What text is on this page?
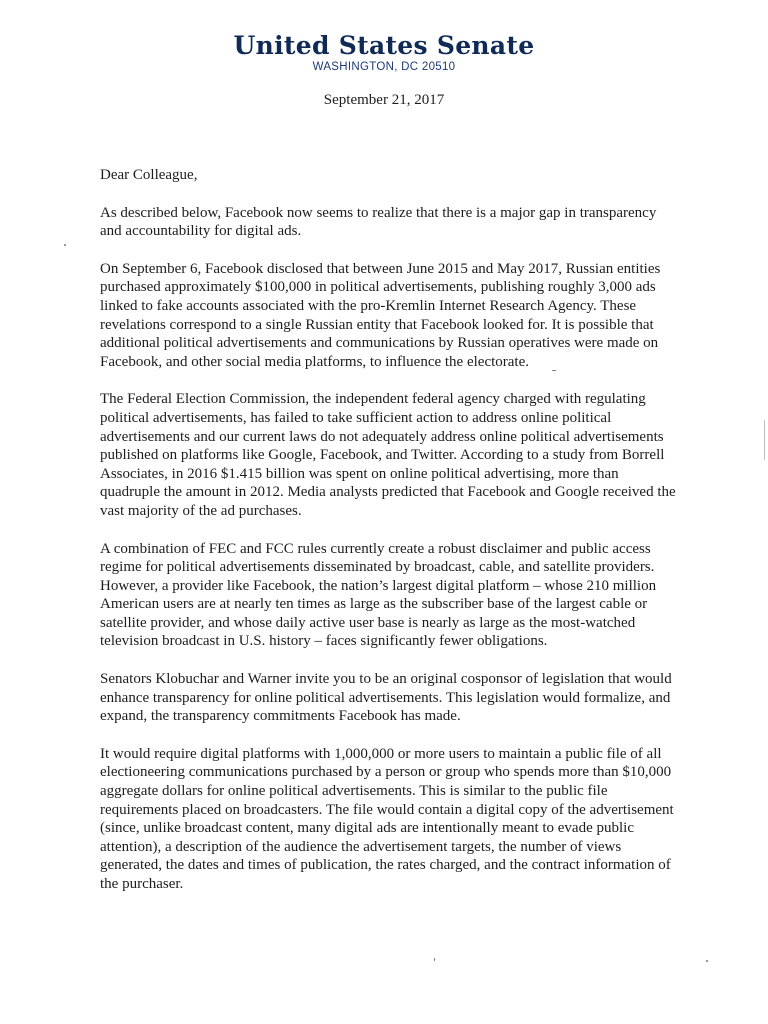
United States Senate
WASHINGTON, DC 20510
September 21, 2017

Dear Colleague,

As described below, Facebook now seems to realize that there is a major gap in transparency and accountability for digital ads.

On September 6, Facebook disclosed that between June 2015 and May 2017, Russian entities purchased approximately $100,000 in political advertisements, publishing roughly 3,000 ads linked to fake accounts associated with the pro-Kremlin Internet Research Agency. These revelations correspond to a single Russian entity that Facebook looked for. It is possible that additional political advertisements and communications by Russian operatives were made on Facebook, and other social media platforms, to influence the electorate.

The Federal Election Commission, the independent federal agency charged with regulating political advertisements, has failed to take sufficient action to address online political advertisements and our current laws do not adequately address online political advertisements published on platforms like Google, Facebook, and Twitter. According to a study from Borrell Associates, in 2016 $1.415 billion was spent on online political advertising, more than quadruple the amount in 2012. Media analysts predicted that Facebook and Google received the vast majority of the ad purchases.

A combination of FEC and FCC rules currently create a robust disclaimer and public access regime for political advertisements disseminated by broadcast, cable, and satellite providers. However, a provider like Facebook, the nation’s largest digital platform – whose 210 million American users are at nearly ten times as large as the subscriber base of the largest cable or satellite provider, and whose daily active user base is nearly as large as the most-watched television broadcast in U.S. history – faces significantly fewer obligations.

Senators Klobuchar and Warner invite you to be an original cosponsor of legislation that would enhance transparency for online political advertisements. This legislation would formalize, and expand, the transparency commitments Facebook has made.

It would require digital platforms with 1,000,000 or more users to maintain a public file of all electioneering communications purchased by a person or group who spends more than $10,000 aggregate dollars for online political advertisements. This is similar to the public file requirements placed on broadcasters. The file would contain a digital copy of the advertisement (since, unlike broadcast content, many digital ads are intentionally meant to evade public attention), a description of the audience the advertisement targets, the number of views generated, the dates and times of publication, the rates charged, and the contract information of the purchaser.
